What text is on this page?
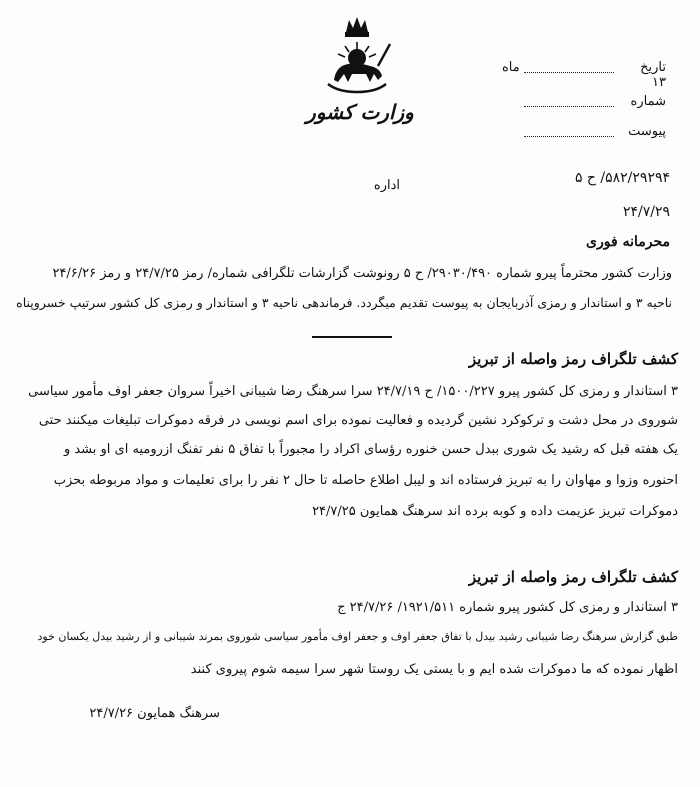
وزارت کشور
تاریخ  ماه ۱۳
شماره
پیوست
اداره	۵۸۲/۲۹۲۹۴/ ح ۵
۲۴/۷/۲۹
محرمانه فوری
وزارت کشور محترماً پیرو شماره ۲۹۰۳۰/۴۹۰/ ح ۵ رونوشت گزارشات تلگرافی شماره/ رمز ۲۴/۷/۲۵ و رمز ۲۴/۶/۲۶
ناحیه ۳ و استاندار و رمزی آذربایجان به پیوست تقدیم میگردد. فرماندهی ناحیه ۳ و استاندار و رمزی کل کشور سرتیپ خسروپناه
کشف تلگراف رمز واصله از تبریز
۳ استاندار و رمزی کل کشور پیرو ۱۵۰۰/۲۲۷/ ح ۲۴/۷/۱۹ سرا سرهنگ رضا شیبانی اخیراً سروان جعفر اوف مأمور سیاسی
شوروی در محل دشت و ترکوکرد نشین گردیده و فعالیت نموده برای اسم نویسی در فرقه دموکرات تبلیغات میکنند حتی
یک هفته قبل که رشید یک شوری ببدل حسن خنوره رؤسای اکراد را مجبوراً با تفاق ۵ نفر تفنگ ازرومیه ای او بشد و
احنوره وزوا و مهاوان را به تبریز فرستاده اند و لیبل اطلاع حاصله تا حال ۲ نفر را برای تعلیمات و مواد مربوطه بحزب
دموکرات تبریز عزیمت داده و کوبه برده اند سرهنگ همایون ۲۴/۷/۲۵
کشف تلگراف رمز واصله از تبریز
۳ استاندار و رمزی کل کشور پیرو شماره ۱۹۲۱/۵۱۱/ ۲۴/۷/۲۶ ج
طبق گزارش سرهنگ رضا شیبانی رشید بیدل با تفاق جعفر اوف و جعفر اوف مأمور سیاسی شوروی بمرند شیبانی و از رشید بیدل یکسان خود
اظهار نموده که ما دموکرات شده ایم و با یستی یک روستا شهر سرا سیمه شوم پیروی کنند
سرهنگ همایون ۲۴/۷/۲۶
